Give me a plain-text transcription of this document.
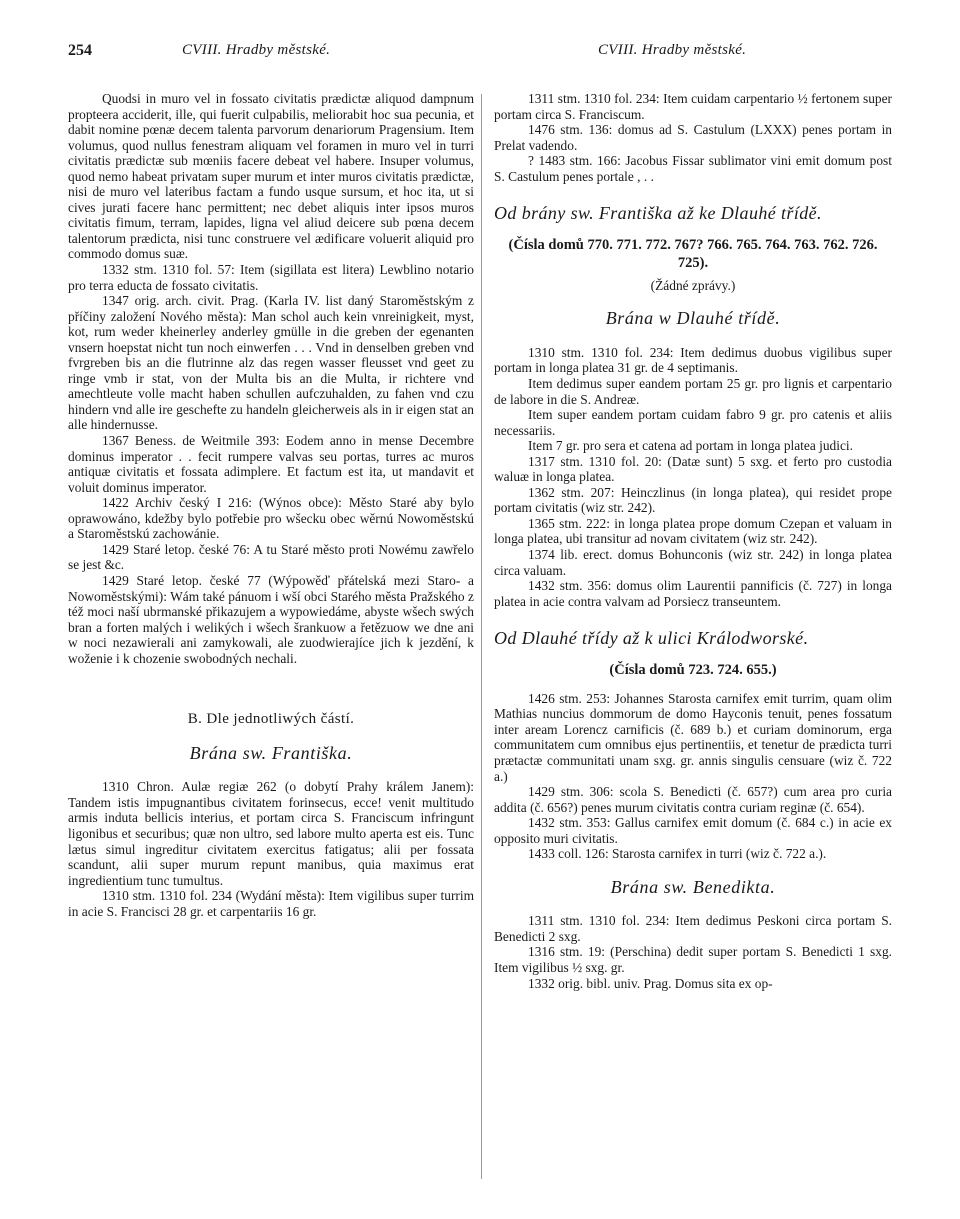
254	CVIII. Hradby městské.	CVIII. Hradby městské.

Quodsi in muro vel in fossato civitatis prædictæ aliquod dampnum propteera acciderit, ille, qui fuerit culpabilis, meliorabit hoc sua pecunia, et dabit nomine pœnæ decem talenta parvorum denariorum Pragensium. Item volumus, quod nullus fenestram aliquam vel foramen in muro vel in turri civitatis prædictæ sub mœniis facere debeat vel habere. Insuper volumus, quod nemo habeat privatam super murum et inter muros civitatis prædictæ, nisi de muro vel lateribus factam a fundo usque sursum, et hoc ita, ut si cives jurati facere hanc permittent; nec debet aliquis inter ipsos muros civitatis fimum, terram, lapides, ligna vel aliud deicere sub pœna decem talentorum prædicta, nisi tunc construere vel ædificare voluerit aliquid pro commodo domus suæ.

1332 stm. 1310 fol. 57: Item (sigillata est litera) Lewblino notario pro terra educta de fossato civitatis.

1347 orig. arch. civit. Prag. (Karla IV. list daný Staroměstským z příčiny založení Nového města): Man schol auch kein vnreinigkeit, myst, kot, rum weder kheinerley anderley gmülle in die greben der egenanten vnsern hoepstat nicht tun noch einwerfen . . . Vnd in denselben greben vnd fvrgreben bis an die flutrinne alz das regen wasser fleusset vnd geet zu ringe vmb ir stat, von der Multa bis an die Multa, ir richtere vnd amechtleute volle macht haben schullen aufczuhalden, zu fahen vnd czu hindern vnd alle ire geschefte zu handeln gleicherweis als in ir eigen stat an alle hindernusse.

1367 Beness. de Weitmile 393: Eodem anno in mense Decembre dominus imperator . . fecit rumpere valvas seu portas, turres ac muros antiquæ civitatis et fossata adimplere. Et factum est ita, ut mandavit et voluit dominus imperator.

1422 Archiv český I 216: (Wýnos obce): Město Staré aby bylo oprawowáno, kdežby bylo potřebie pro wšecku obec wěrnú Nowoměstskú a Staroměstskú zachowánie.

1429 Staré letop. české 76: A tu Staré město proti Nowému zawřelo se jest &c.

1429 Staré letop. české 77 (Wýpowěď přátelská mezi Staro- a Nowoměstskými): Wám také pánuom i wší obci Starého města Pražského z též moci naší ubrmanské přikazujem a wypowiedáme, abyste wšech swých bran a forten malých i welikých i wšech šrankuow a řetězuow we dne ani w noci nezawierali ani zamykowali, ale zuodwierajíce jich k jezdění, k woženie i k chozenie swobodných nechali.

B. Dle jednotliwých částí.
Brána sw. Františka.

1310 Chron. Aulæ regiæ 262 (o dobytí Prahy králem Janem): Tandem istis impugnantibus civitatem forinsecus, ecce! venit multitudo armis induta bellicis interius, et portam circa S. Franciscum infringunt ligonibus et securibus; quæ non ultro, sed labore multo aperta est eis. Tunc lætus simul ingreditur civitatem exercitus fatigatus; alii per fossata scandunt, alii super murum repunt manibus, quia maximus erat ingredientium tunc tumultus.

1310 stm. 1310 fol. 234 (Wydání města): Item vigilibus super turrim in acie S. Francisci 28 gr. et carpentariis 16 gr.

1311 stm. 1310 fol. 234: Item cuidam carpentario ½ fertonem super portam circa S. Franciscum.

1476 stm. 136: domus ad S. Castulum (LXXX) penes portam in Prelat vadendo.

? 1483 stm. 166: Jacobus Fissar sublimator vini emit domum post S. Castulum penes portale , . .

Od brány sw. Františka až ke Dlauhé třídě.
(Čísla domů 770. 771. 772. 767? 766. 765. 764. 763. 762. 726. 725).
(Žádné zprávy.)
Brána w Dlauhé třídě.

1310 stm. 1310 fol. 234: Item dedimus duobus vigilibus super portam in longa platea 31 gr. de 4 septimanis.

Item dedimus super eandem portam 25 gr. pro lignis et carpentario de labore in die S. Andreæ.

Item super eandem portam cuidam fabro 9 gr. pro catenis et aliis necessariis.

Item 7 gr. pro sera et catena ad portam in longa platea judici.

1317 stm. 1310 fol. 20: (Datæ sunt) 5 sxg. et ferto pro custodia waluæ in longa platea.

1362 stm. 207: Heinczlinus (in longa platea), qui residet prope portam civitatis (wiz str. 242).

1365 stm. 222: in longa platea prope domum Czepan et valuam in longa platea, ubi transitur ad novam civitatem (wiz str. 242).

1374 lib. erect. domus Bohunconis (wiz str. 242) in longa platea circa valuam.

1432 stm. 356: domus olim Laurentii pannificis (č. 727) in longa platea in acie contra valvam ad Porsiecz transeuntem.

Od Dlauhé třídy až k ulici Králodworské.
(Čísla domů 723. 724. 655.)

1426 stm. 253: Johannes Starosta carnifex emit turrim, quam olim Mathias nuncius dommorum de domo Hayconis tenuit, penes fossatum inter aream Lorencz carnificis (č. 689 b.) et curiam dominorum, erga communitatem cum omnibus ejus pertinentiis, et tenetur de prædicta turri prætactæ communitati unam sxg. gr. annis singulis censuare (wiz č. 722 a.)

1429 stm. 306: scola S. Benedicti (č. 657?) cum area pro curia addita (č. 656?) penes murum civitatis contra curiam reginæ (č. 654).

1432 stm. 353: Gallus carnifex emit domum (č. 684 c.) in acie ex opposito muri civitatis.

1433 coll. 126: Starosta carnifex in turri (wiz č. 722 a.).

Brána sw. Benedikta.

1311 stm. 1310 fol. 234: Item dedimus Peskoni circa portam S. Benedicti 2 sxg.

1316 stm. 19: (Perschina) dedit super portam S. Benedicti 1 sxg. Item vigilibus ½ sxg. gr.

1332 orig. bibl. univ. Prag. Domus sita ex op-
